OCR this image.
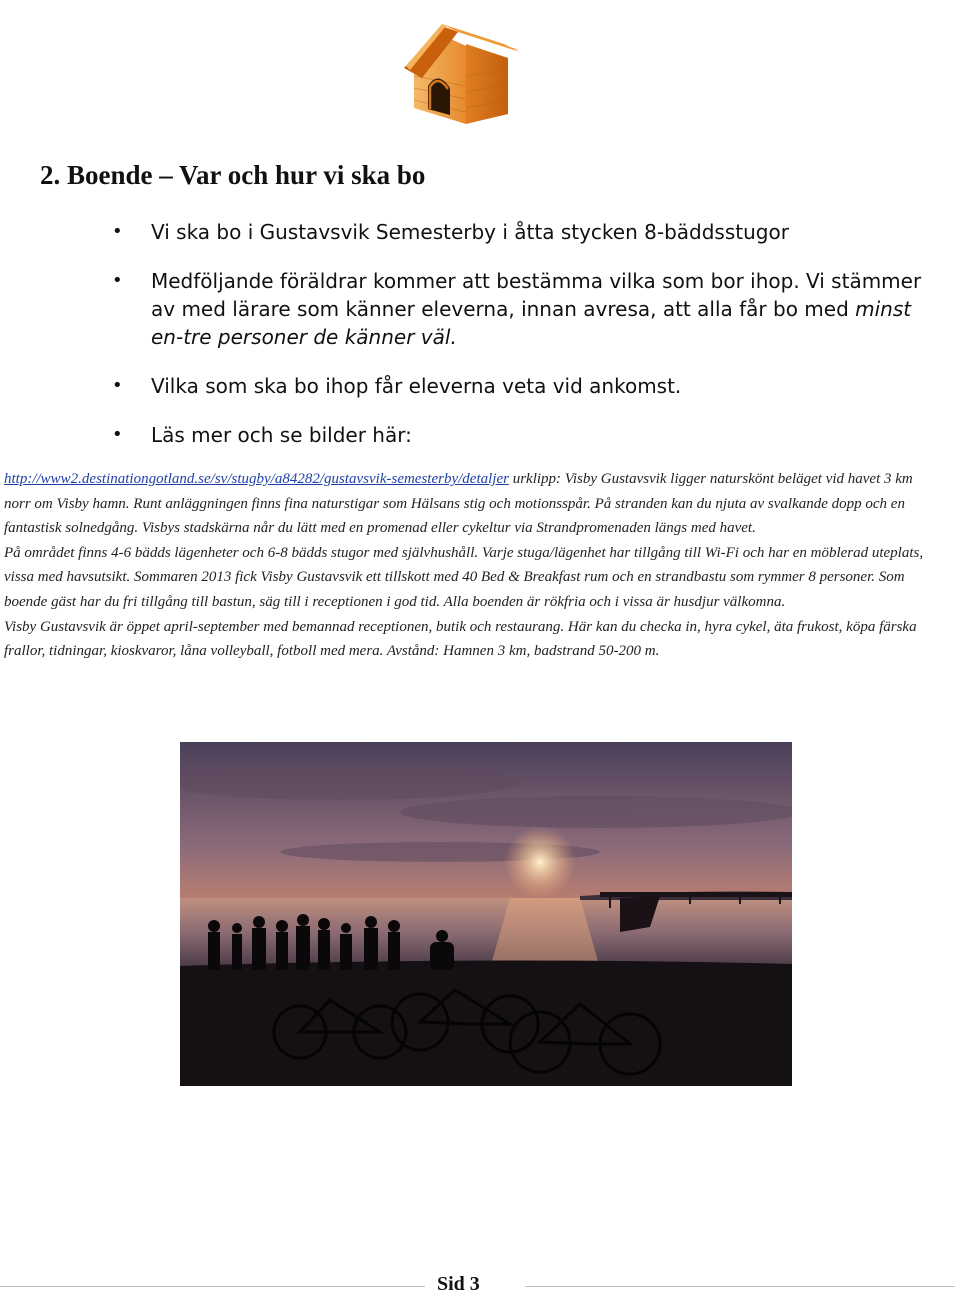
2. Boende – Var och hur vi ska bo
• Vi ska bo i Gustavsvik Semesterby i åtta stycken 8-bäddsstugor
• Medföljande föräldrar kommer att bestämma vilka som bor ihop. Vi stämmer av med lärare som känner eleverna, innan avresa, att alla får bo med minst en-tre personer de känner väl.
• Vilka som ska bo ihop får eleverna veta vid ankomst.
• Läs mer och se bilder här:

http://www2.destinationgotland.se/sv/stugby/a84282/gustavsvik-semesterby/detaljer urklipp: Visby Gustavsvik ligger naturskönt beläget vid havet 3 km norr om Visby hamn. Runt anläggningen finns fina naturstigar som Hälsans stig och motionsspår. På stranden kan du njuta av svalkande dopp och en fantastisk solnedgång. Visbys stadskärna når du lätt med en promenad eller cykeltur via Strandpromenaden längs med havet.

På området finns 4-6 bädds lägenheter och 6-8 bädds stugor med självhushåll. Varje stuga/lägenhet har tillgång till Wi-Fi och har en möblerad uteplats, vissa med havsutsikt. Sommaren 2013 fick Visby Gustavsvik ett tillskott med 40 Bed & Breakfast rum och en strandbastu som rymmer 8 personer. Som boende gäst har du fri tillgång till bastun, säg till i receptionen i god tid. Alla boenden är rökfria och i vissa är husdjur välkomna.

Visby Gustavsvik är öppet april-september med bemannad receptionen, butik och restaurang. Här kan du checka in, hyra cykel, äta frukost, köpa färska frallor, tidningar, kioskvaror, låna volleyball, fotboll med mera. Avstånd: Hamnen 3 km, badstrand 50-200 m.

Sid 3
